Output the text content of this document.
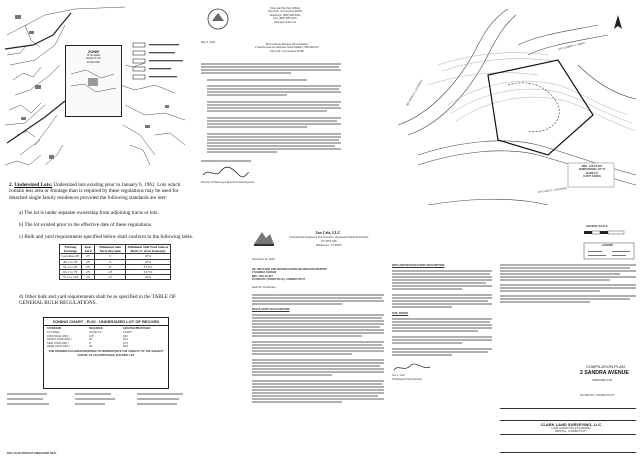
ZONE
SITE AREA
BASE PLAN
ZONE MAP
2. Undersized Lots: Undersized lots existing prior to January 6, 1961. Lots which contain less area or frontage than is required by these regulations may be used for detached single family residences provided the following standards are met:
a) The lot is under separate ownership from adjoining tracts or lots.
b) The lot existed prior to the effective date of these regulations.
c) Bulk and yard requirements specified below shall conform to the following table.
Existing Frontage	Rear Yard	Minimum Side Yard One Side	Minimum Side Yard Sum of Both (% of lot frontage)
Less than 46'	25'	5'	25%
46.1' to 55'	25'	5'	25%
55.1' to 65'	25'	6'	31.5%
65.1' to 75'	25'	10'	33.3%
75.1' to 120'	25'	12'	24%
d) Other bulk and yard requirements shall be as specified in the TABLE OF GENERAL BULK REGULATIONS.
ZONING CHART - R-20 - UNDERSIZED LOT OF RECORD
STANDARD	REQUIRED	EXISTING/PROPOSED
LOT AREA	20,000 S.F.	19,005*
FRONTAGE (MIN.)	125'	262'
FRONT YARD (MIN.)	40'	40.0
SIDE YARD (MIN.)	6'	12.0
REAR YARD (MIN.)	25'	58.8
THIS DRAWING HAS BEEN PREPARED TO DEMONSTRATE THE VIABILITY OF THE SUBJECT PARCEL AS AN APPROVABLE BUILDING LOT
NOT VALID WITHOUT EMBOSSED SEAL
Town Hall Re Plan Official
Plymouth, Connecticut 06782
Telephone: (860) 585-4001
Fax: (860) 585-4015
www.plymouthct.us
May 6, 2021
Bunnysdoned Related Administration
2 Sandra Avenue Newcase Nocal Mallard, 955-000-007
Plymouth, Connecticut 06786
Director of Planning & Economic Development
Jon Celz, LLC
Professional Registered Soil Scientist • Registered Wetland Scientist
PO BOX 628
Middletown, CT 06457
November 12, 2018
RE: WETLAND AND WATERCOURSE DELINEATION REPORT
2 SANDRA AVENUE
MBL: R15-03-007
PLYMOUTH (TERRYVILLE), CONNECTICUT
Dear Mr. Dombrosky:
REGULATORY BACKGROUND
WETLAND/WATERCOURSE DESCRIPTION
SOIL SERIES
Jon J. Celz
Professional Soil Scientist
MBL: 215-03-007
SUBDIVISION LOT 37
19,936 S.F.
0.4577 ACRES
N/F MARK S. LOZOWSKI
N/F JOSEPH A. TIBERI
N/F JUNE E. LOZOWSKI
GRAPHIC SCALE
LEGEND
COMPILATION PLAN
2 SANDRA AVENUE
PREPARED FOR
PLYMOUTH, CONNECTICUT
CLARK LAND SURVEYING, LLC
LAND SURVEYING & PLANNING
BRISTOL, CONNECTICUT
